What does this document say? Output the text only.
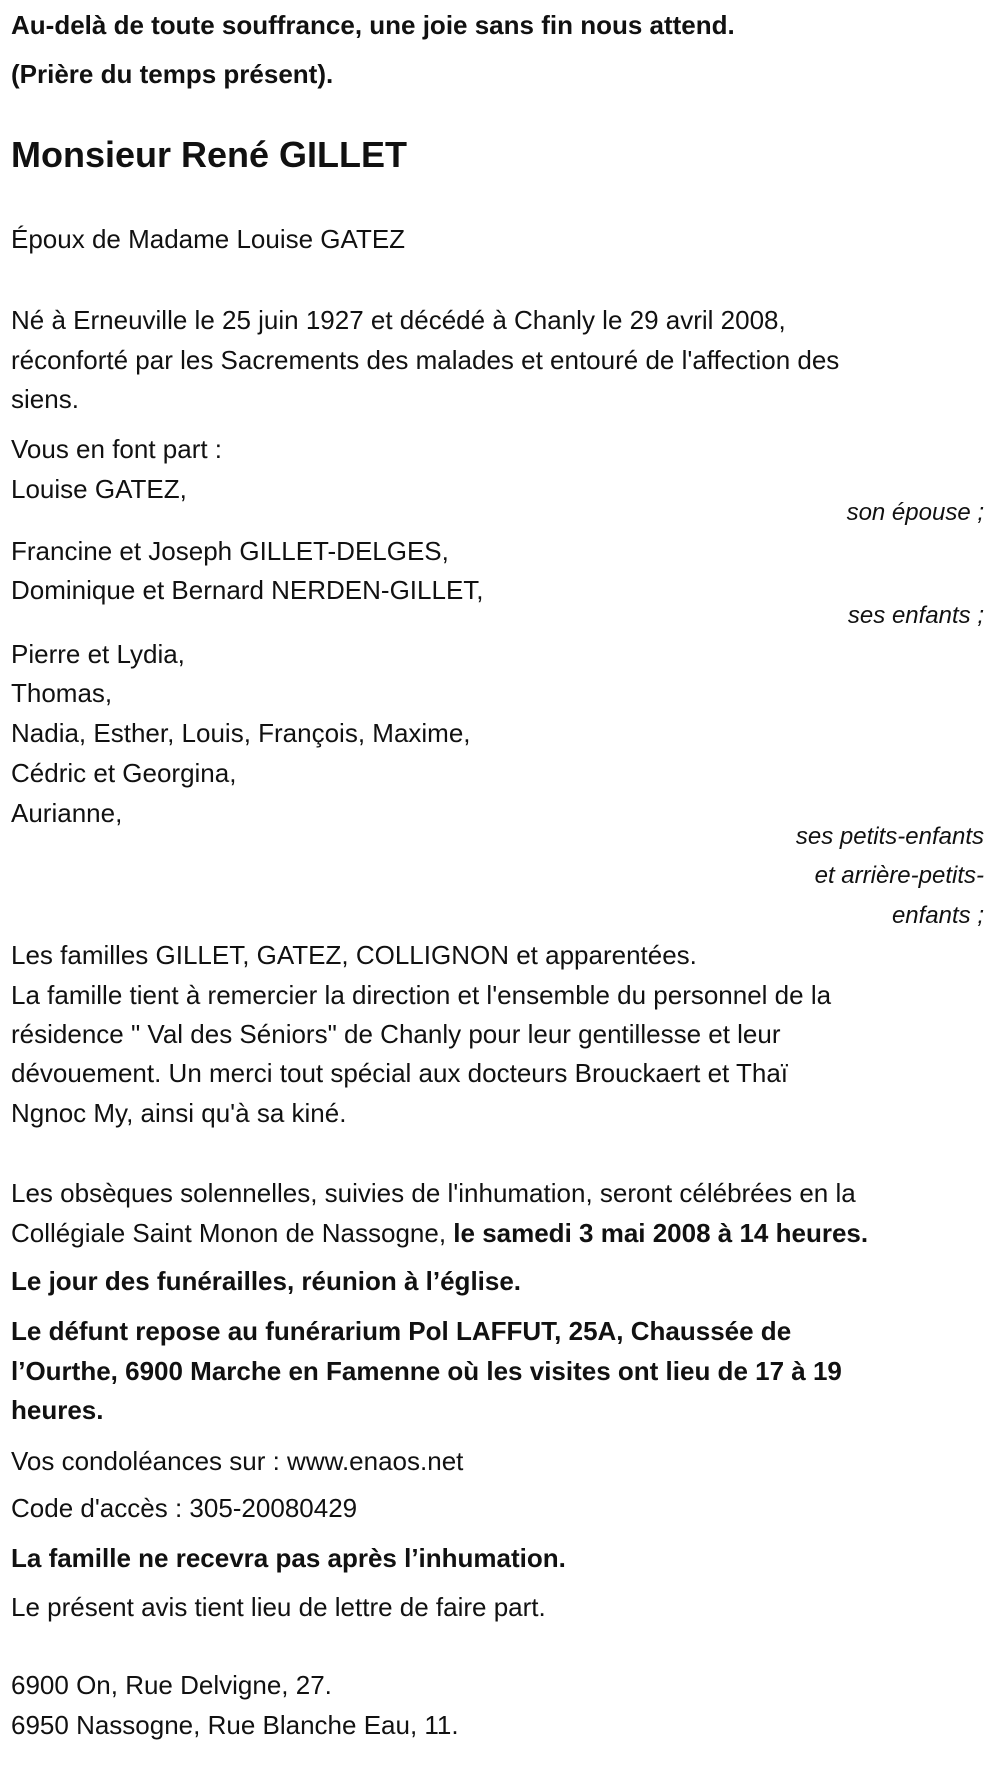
Au-delà de toute souffrance, une joie sans fin nous attend.
(Prière du temps présent).
Monsieur René GILLET
Époux de Madame Louise GATEZ
Né à Erneuville le 25 juin 1927 et décédé à Chanly le 29 avril 2008,
réconforté par les Sacrements des malades et entouré de l'affection des
siens.
Vous en font part :
Louise GATEZ,
son épouse ;
Francine et Joseph GILLET-DELGES,
Dominique et Bernard NERDEN-GILLET,
ses enfants ;
Pierre et Lydia,
Thomas,
Nadia, Esther, Louis, François, Maxime,
Cédric et Georgina,
Aurianne,
ses petits-enfants
et arrière-petits-
enfants ;
Les familles GILLET, GATEZ, COLLIGNON et apparentées.
La famille tient à remercier la direction et l'ensemble du personnel de la
résidence " Val des Séniors" de Chanly pour leur gentillesse et leur
dévouement. Un merci tout spécial aux docteurs Brouckaert et Thaï
Ngnoc My, ainsi qu'à sa kiné.
Les obsèques solennelles, suivies de l'inhumation, seront célébrées en la
Collégiale Saint Monon de Nassogne, le samedi 3 mai 2008 à 14 heures.
Le jour des funérailles, réunion à l’église.
Le défunt repose au funérarium Pol LAFFUT, 25A, Chaussée de
l’Ourthe, 6900 Marche en Famenne où les visites ont lieu de 17 à 19
heures.
Vos condoléances sur : www.enaos.net
Code d'accès : 305-20080429
La famille ne recevra pas après l’inhumation.
Le présent avis tient lieu de lettre de faire part.
6900 On, Rue Delvigne, 27.
6950 Nassogne, Rue Blanche Eau, 11.
